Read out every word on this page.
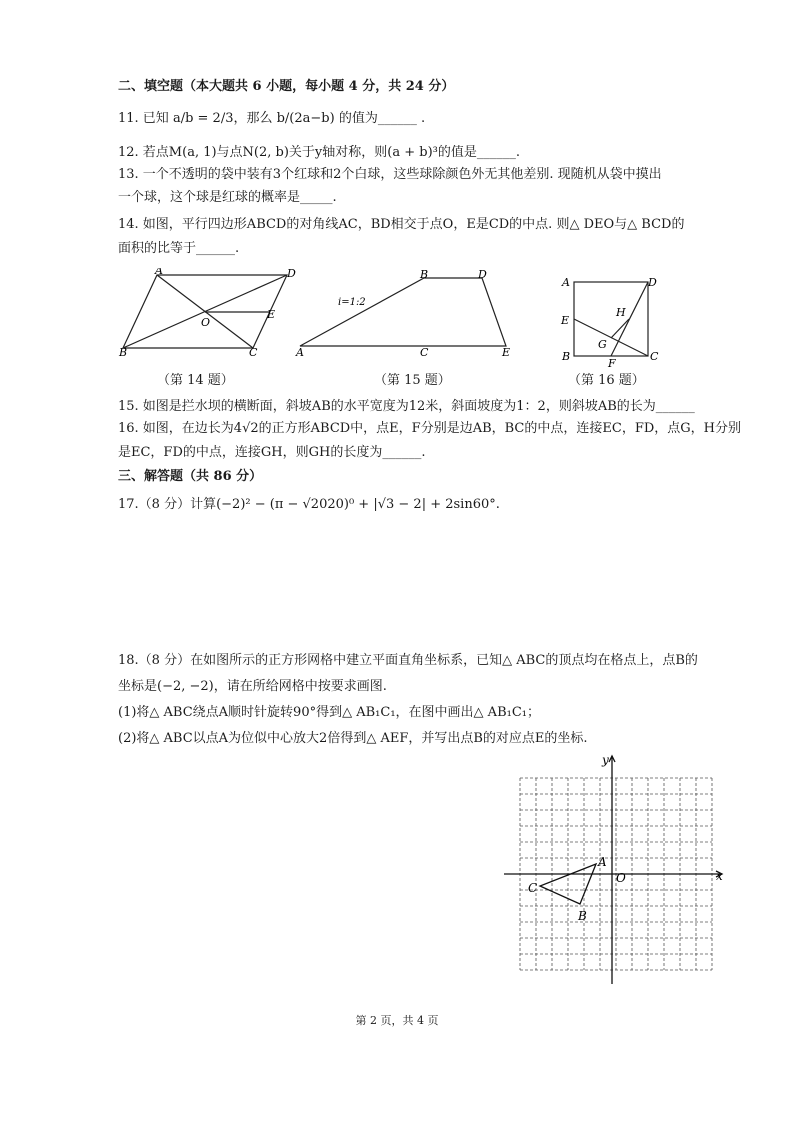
二、填空题（本大题共 6 小题，每小题 4 分，共 24 分）
11. 已知 a/b = 2/3，那么 b/(2a−b) 的值为______ .
12. 若点M(a, 1)与点N(2, b)关于y轴对称，则(a + b)³的值是______.
13. 一个不透明的袋中装有3个红球和2个白球，这些球除颜色外无其他差别. 现随机从袋中摸出
一个球，这个球是红球的概率是_____.
14. 如图，平行四边形ABCD的对角线AC，BD相交于点O，E是CD的中点. 则△ DEO与△ BCD的
面积的比等于______.
A	D
O
E
B	C
B	D
i=1:2
A	C	E
A	D
H
E
G
B
F
C
（第 14 题）	（第 15 题）	（第 16 题）
15. 如图是拦水坝的横断面，斜坡AB的水平宽度为12米，斜面坡度为1：2，则斜坡AB的长为______
16. 如图，在边长为4√2的正方形ABCD中，点E，F分别是边AB，BC的中点，连接EC，FD，点G，H分别
是EC，FD的中点，连接GH，则GH的长度为______.
三、解答题（共 86 分）
17.（8 分）计算(−2)² − (π − √2020)⁰ + |√3 − 2| + 2sin60°.
18.（8 分）在如图所示的正方形网格中建立平面直角坐标系，已知△ ABC的顶点均在格点上，点B的
坐标是(−2, −2)，请在所给网格中按要求画图.
(1)将△ ABC绕点A顺时针旋转90°得到△ AB₁C₁，在图中画出△ AB₁C₁；
(2)将△ ABC以点A为位似中心放大2倍得到△ AEF，并写出点B的对应点E的坐标.
y
x
O
A
B
C
第 2 页，共 4 页
